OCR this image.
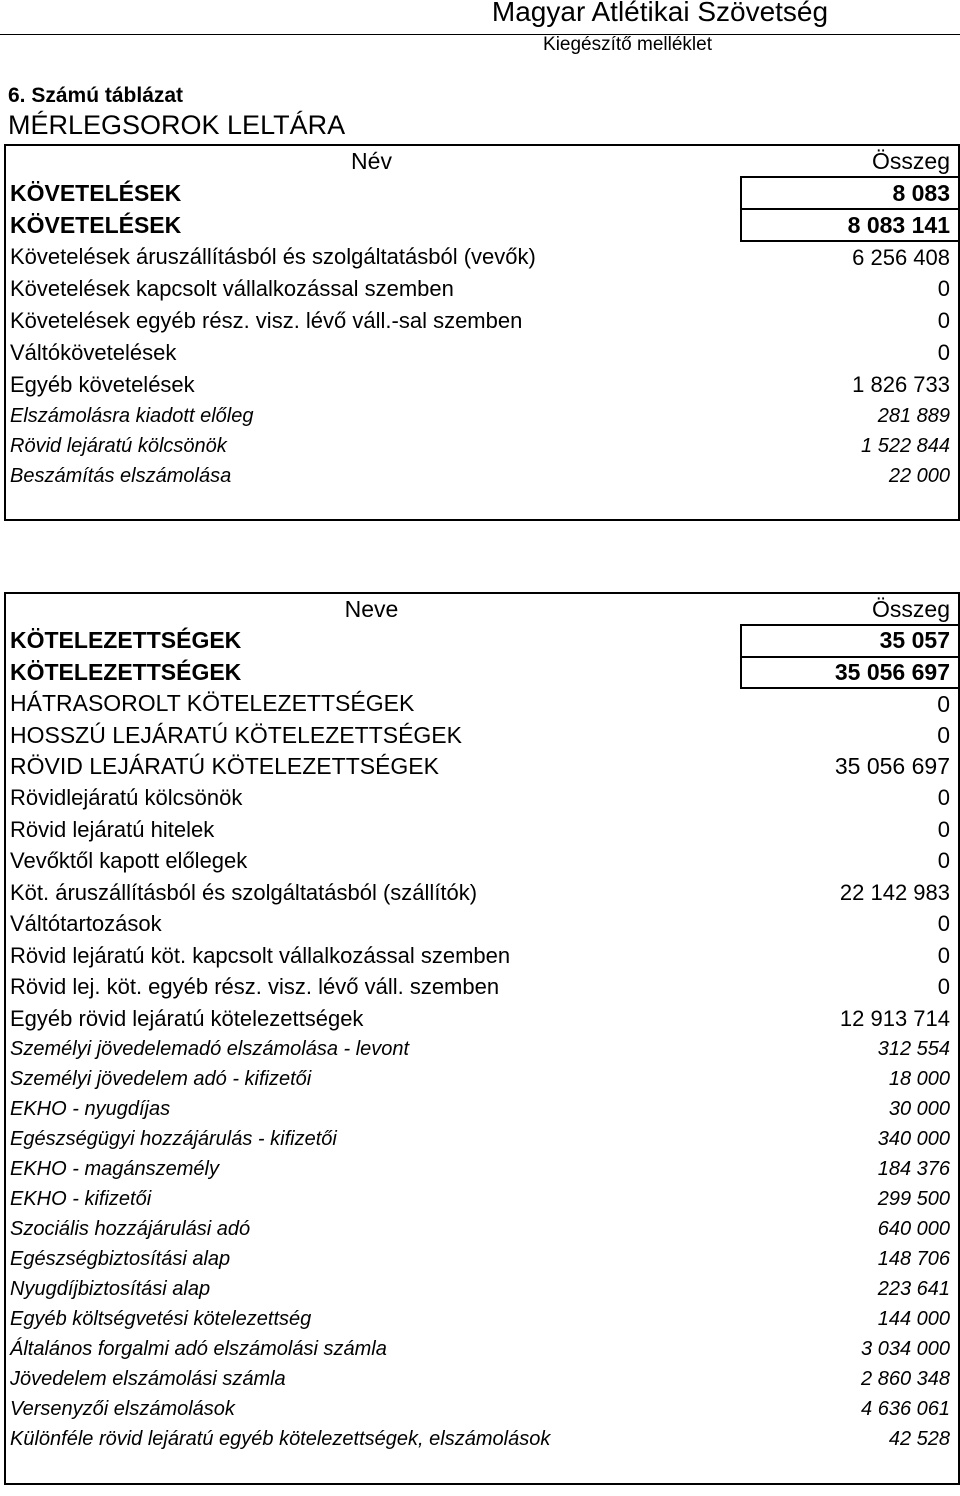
Magyar Atlétikai Szövetség
Kiegészítő melléklet
6. Számú táblázat
MÉRLEGSOROK LELTÁRA
Név	Összeg
KÖVETELÉSEK	8 083
KÖVETELÉSEK	8 083 141
Követelések áruszállításból és szolgáltatásból (vevők)	6 256 408
Követelések kapcsolt vállalkozással szemben	0
Követelések egyéb rész. visz. lévő váll.-sal szemben	0
Váltókövetelések	0
Egyéb követelések	1 826 733
Elszámolásra kiadott előleg	281 889
Rövid lejáratú kölcsönök	1 522 844
Beszámítás elszámolása	22 000

Neve	Összeg
KÖTELEZETTSÉGEK	35 057
KÖTELEZETTSÉGEK	35 056 697
HÁTRASOROLT KÖTELEZETTSÉGEK	0
HOSSZÚ LEJÁRATÚ KÖTELEZETTSÉGEK	0
RÖVID LEJÁRATÚ KÖTELEZETTSÉGEK	35 056 697
Rövidlejáratú kölcsönök	0
Rövid lejáratú hitelek	0
Vevőktől kapott előlegek	0
Köt. áruszállításból és szolgáltatásból (szállítók)	22 142 983
Váltótartozások	0
Rövid lejáratú köt. kapcsolt vállalkozással szemben	0
Rövid lej. köt. egyéb rész. visz. lévő váll. szemben	0
Egyéb rövid lejáratú kötelezettségek	12 913 714
Személyi jövedelemadó elszámolása - levont	312 554
Személyi jövedelem adó - kifizetői	18 000
EKHO - nyugdíjas	30 000
Egészségügyi hozzájárulás - kifizetői	340 000
EKHO - magánszemély	184 376
EKHO - kifizetői	299 500
Szociális hozzájárulási adó	640 000
Egészségbiztosítási alap	148 706
Nyugdíjbiztosítási alap	223 641
Egyéb költségvetési kötelezettség	144 000
Általános forgalmi adó elszámolási számla	3 034 000
Jövedelem elszámolási számla	2 860 348
Versenyzői elszámolások	4 636 061
Különféle rövid lejáratú egyéb kötelezettségek, elszámolások	42 528
